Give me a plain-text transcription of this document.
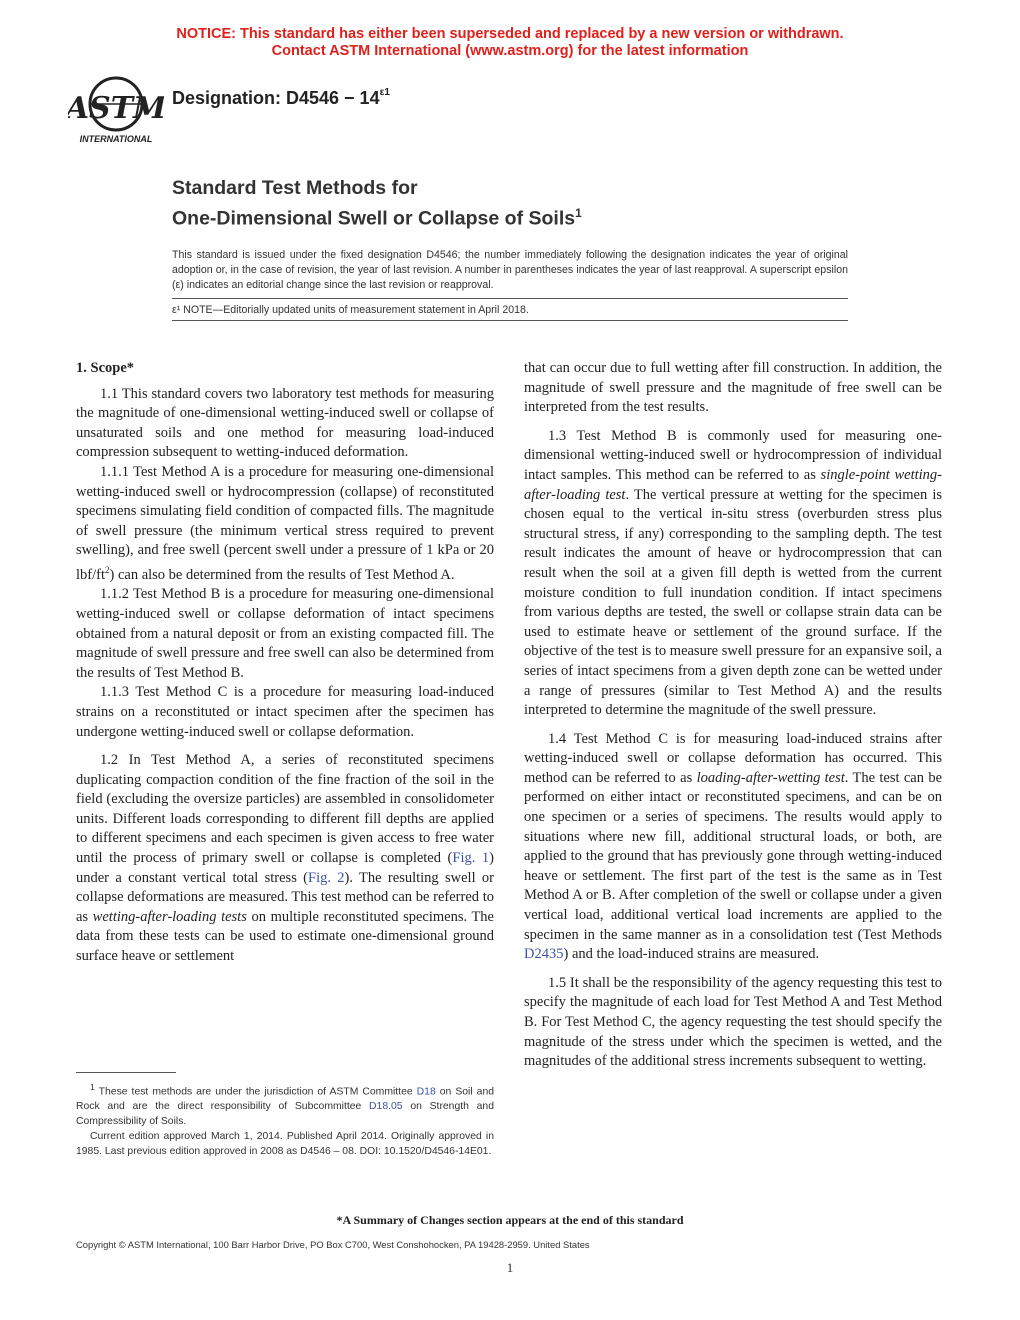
NOTICE: This standard has either been superseded and replaced by a new version or withdrawn.
Contact ASTM International (www.astm.org) for the latest information
ASTM
INTERNATIONAL
Designation: $D4546 - 14^{\varepsilon 1}$
Standard Test Methods for
One-Dimensional Swell or Collapse of Soils$^1$
This standard is issued under the fixed designation D4546; the number immediately following the designation indicates the year of original adoption or, in the case of revision, the year of last revision. A number in parentheses indicates the year of last reapproval. A superscript epsilon (ε) indicates an editorial change since the last revision or reapproval.
ε¹ NOTE—Editorially updated units of measurement statement in April 2018.
1. Scope*

1.1 This standard covers two laboratory test methods for measuring the magnitude of one-dimensional wetting-induced swell or collapse of unsaturated soils and one method for measuring load-induced compression subsequent to wetting-induced deformation.

1.1.1 Test Method A is a procedure for measuring one-dimensional wetting-induced swell or hydrocompression (collapse) of reconstituted specimens simulating field condition of compacted fills. The magnitude of swell pressure (the minimum vertical stress required to prevent swelling), and free swell (percent swell under a pressure of 1 kPa or 20 lbf/$ft^2$) can also be determined from the results of Test Method A.

1.1.2 Test Method B is a procedure for measuring one-dimensional wetting-induced swell or collapse deformation of intact specimens obtained from a natural deposit or from an existing compacted fill. The magnitude of swell pressure and free swell can also be determined from the results of Test Method B.

1.1.3 Test Method C is a procedure for measuring load-induced strains on a reconstituted or intact specimen after the specimen has undergone wetting-induced swell or collapse deformation.

1.2 In Test Method A, a series of reconstituted specimens duplicating compaction condition of the fine fraction of the soil in the field (excluding the oversize particles) are assembled in consolidometer units. Different loads corresponding to different fill depths are applied to different specimens and each specimen is given access to free water until the process of primary swell or collapse is completed (Fig. 1) under a constant vertical total stress (Fig. 2). The resulting swell or collapse deformations are measured. This test method can be referred to as wetting-after-loading tests on multiple reconstituted specimens. The data from these tests can be used to estimate one-dimensional ground surface heave or settlement

that can occur due to full wetting after fill construction. In addition, the magnitude of swell pressure and the magnitude of free swell can be interpreted from the test results.

1.3 Test Method B is commonly used for measuring one-dimensional wetting-induced swell or hydrocompression of individual intact samples. This method can be referred to as single-point wetting-after-loading test. The vertical pressure at wetting for the specimen is chosen equal to the vertical in-situ stress (overburden stress plus structural stress, if any) corresponding to the sampling depth. The test result indicates the amount of heave or hydrocompression that can result when the soil at a given fill depth is wetted from the current moisture condition to full inundation condition. If intact specimens from various depths are tested, the swell or collapse strain data can be used to estimate heave or settlement of the ground surface. If the objective of the test is to measure swell pressure for an expansive soil, a series of intact specimens from a given depth zone can be wetted under a range of pressures (similar to Test Method A) and the results interpreted to determine the magnitude of the swell pressure.

1.4 Test Method C is for measuring load-induced strains after wetting-induced swell or collapse deformation has occurred. This method can be referred to as loading-after-wetting test. The test can be performed on either intact or reconstituted specimens, and can be on one specimen or a series of specimens. The results would apply to situations where new fill, additional structural loads, or both, are applied to the ground that has previously gone through wetting-induced heave or settlement. The first part of the test is the same as in Test Method A or B. After completion of the swell or collapse under a given vertical load, additional vertical load increments are applied to the specimen in the same manner as in a consolidation test (Test Methods D2435) and the load-induced strains are measured.

1.5 It shall be the responsibility of the agency requesting this test to specify the magnitude of each load for Test Method A and Test Method B. For Test Method C, the agency requesting the test should specify the magnitude of the stress under which the specimen is wetted, and the magnitudes of the additional stress increments subsequent to wetting.

$^1$ These test methods are under the jurisdiction of ASTM Committee D18 on Soil and Rock and are the direct responsibility of Subcommittee D18.05 on Strength and Compressibility of Soils.

Current edition approved March 1, 2014. Published April 2014. Originally approved in 1985. Last previous edition approved in 2008 as D4546 – 08. DOI: 10.1520/D4546-14E01.

*A Summary of Changes section appears at the end of this standard
Copyright © ASTM International, 100 Barr Harbor Drive, PO Box C700, West Conshohocken, PA 19428-2959. United States
1
